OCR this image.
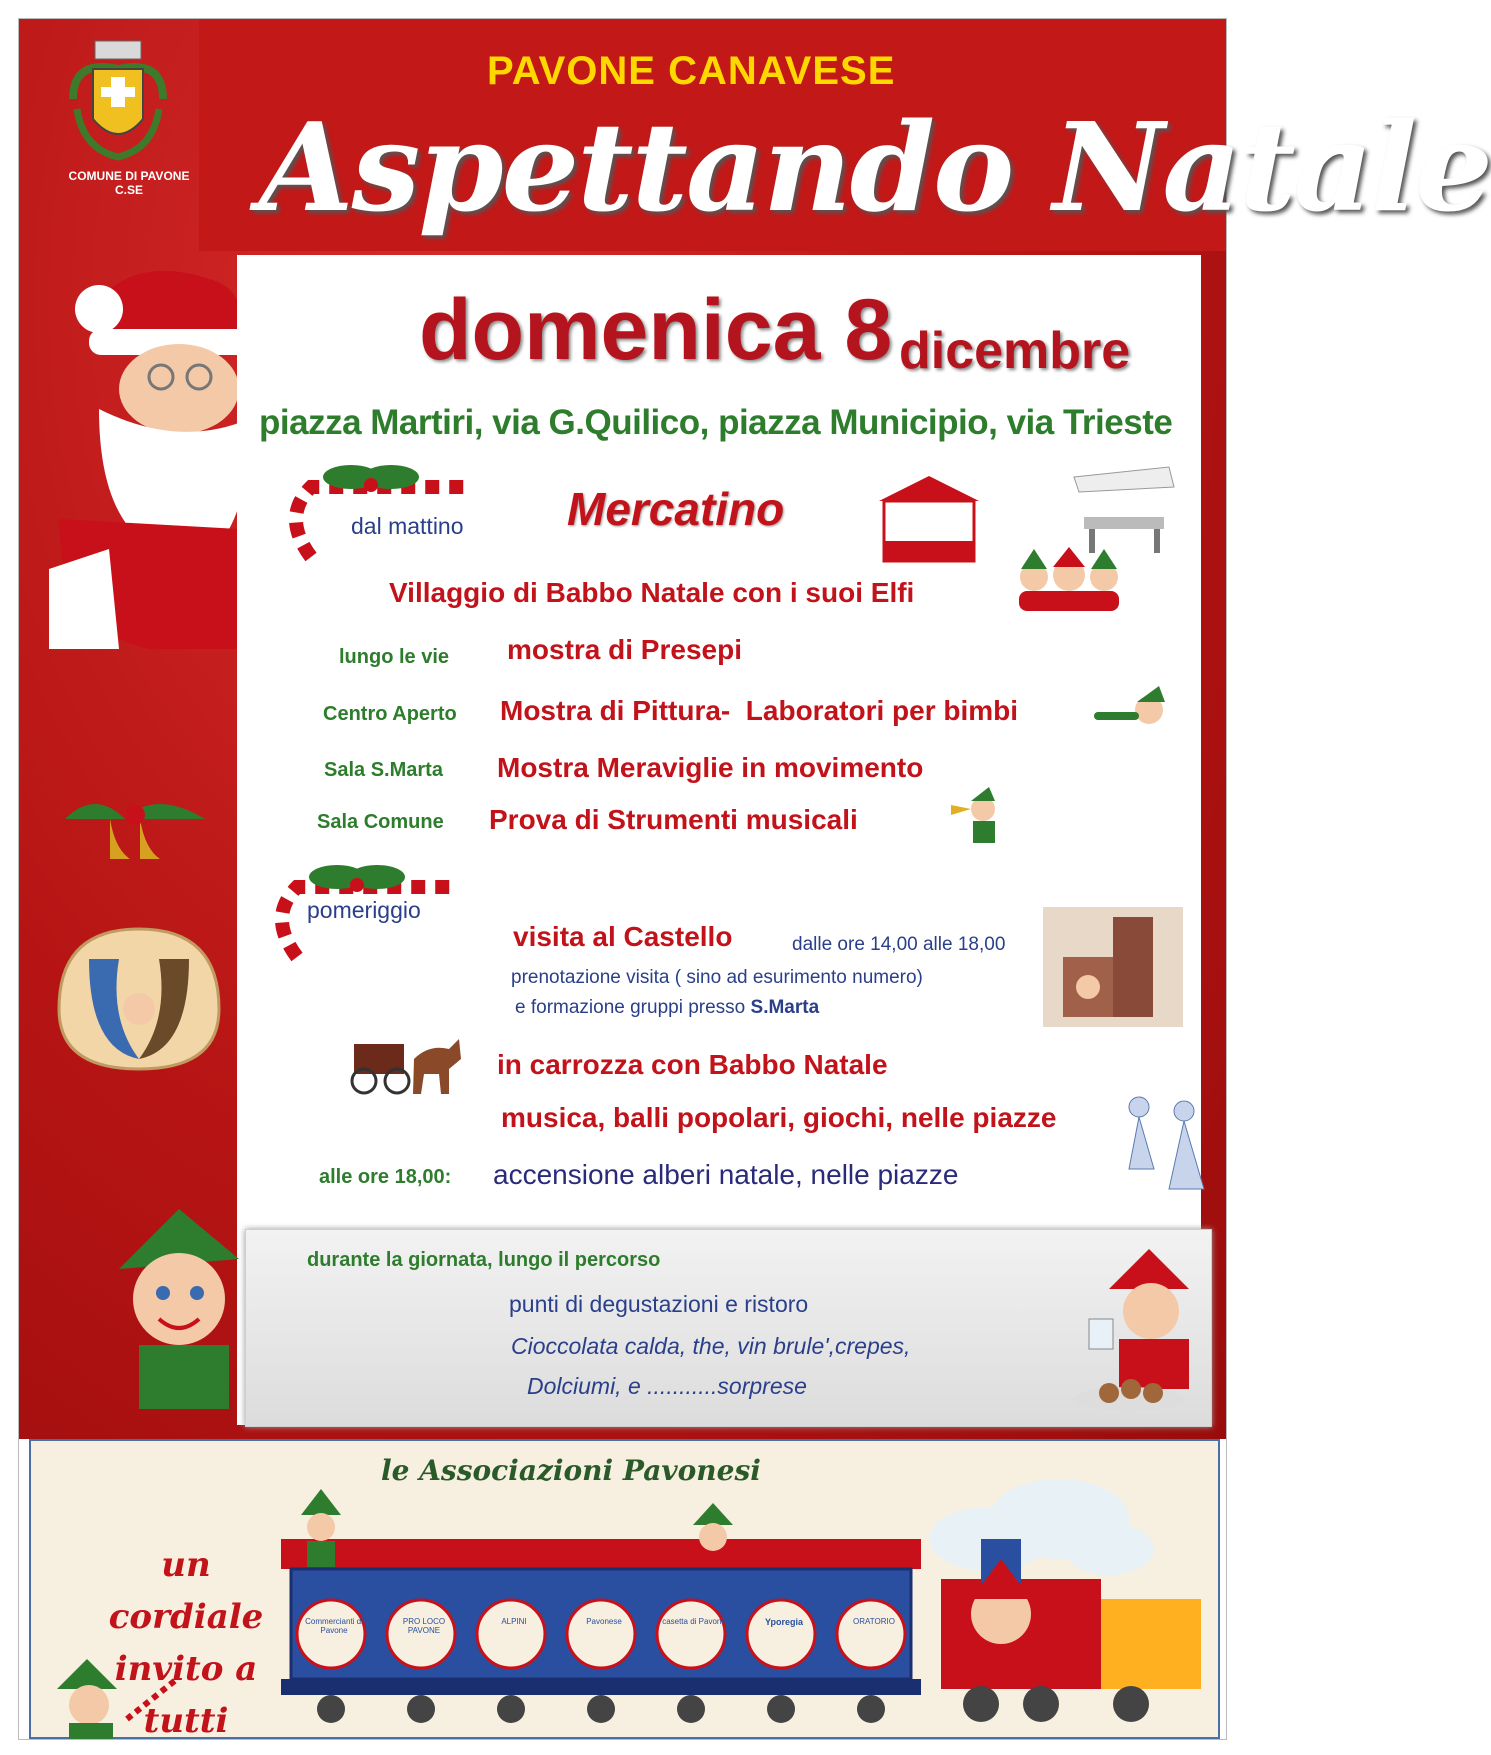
COMUNE DI PAVONE C.SE
PAVONE CANAVESE
Aspettando Natale
domenica 8 dicembre
piazza Martiri, via G.Quilico, piazza Municipio, via Trieste
dal mattino Mercatino
Villaggio di Babbo Natale con i suoi Elfi
lungo le vie mostra di Presepi
Centro Aperto Mostra di Pittura-  Laboratori per bimbi
Sala S.Marta Mostra Meraviglie in movimento
Sala Comune Prova di Strumenti musicali
pomeriggio
visita al Castello	dalle ore 14,00 alle 18,00
prenotazione visita ( sino ad esurimento numero)
e formazione gruppi presso S.Marta
in carrozza con Babbo Natale
musica, balli popolari, giochi, nelle piazze
alle ore 18,00: accensione alberi natale, nelle piazze
durante la giornata, lungo il percorso
punti di degustazioni e ristoro
Cioccolata calda, the, vin brule',crepes,
Dolciumi, e ...........sorprese
le Associazioni Pavonesi
un cordiale
invito a tutti
Commercianti di Pavone
PRO LOCO PAVONE
ALPINI	Pavonese	casetta di Pavone	Yporegia	ORATORIO
